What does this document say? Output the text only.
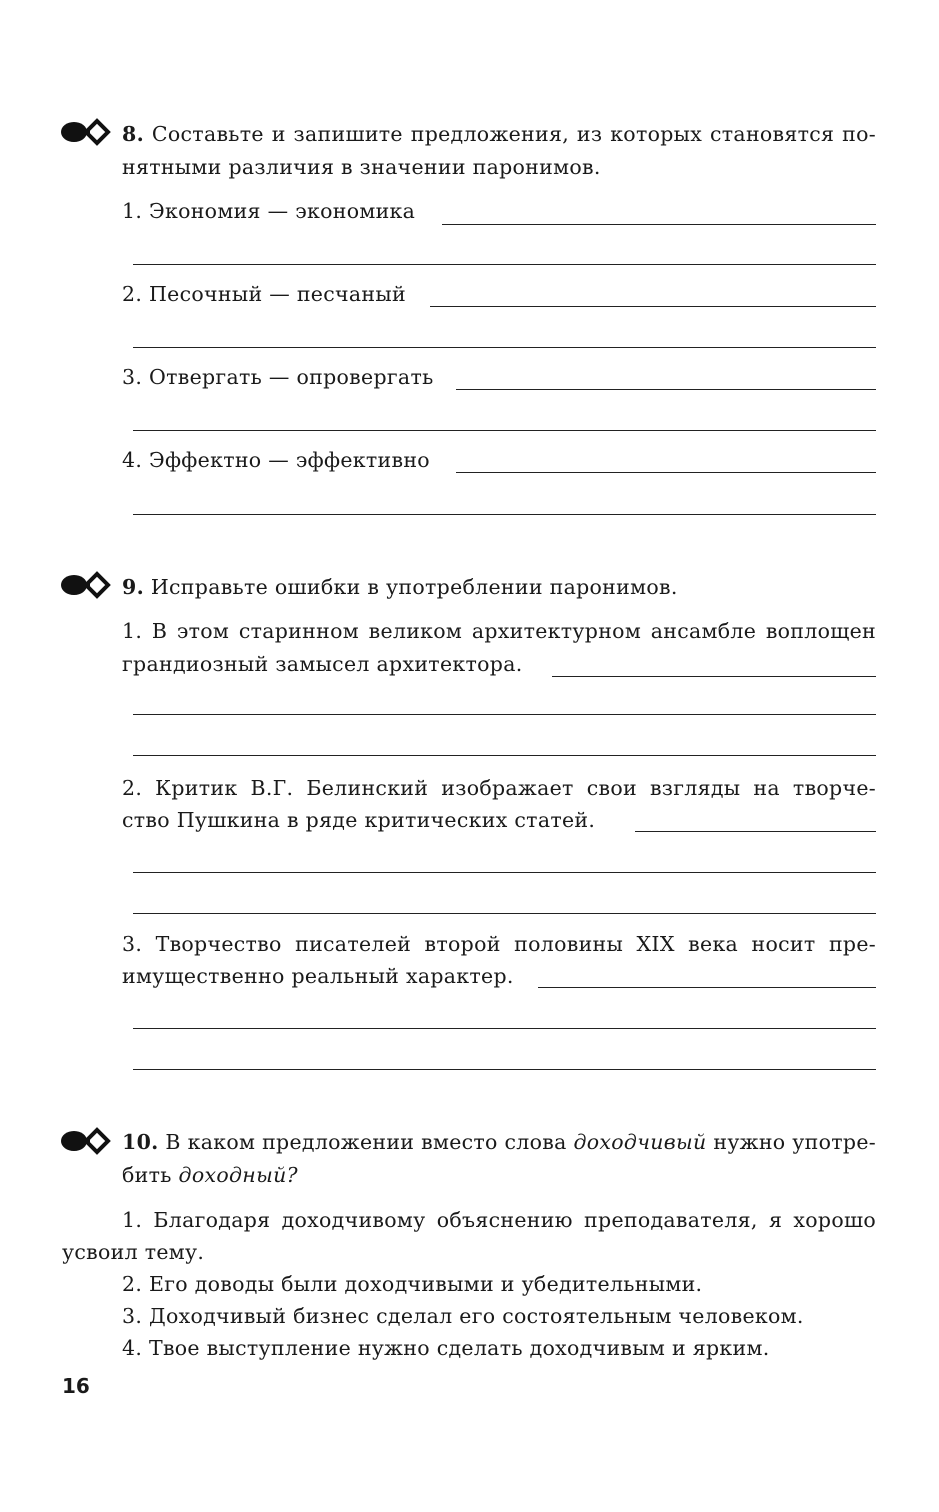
8. Составьте и запишите предложения, из которых становятся по-
нятными различия в значении паронимов.
1. Экономия — экономика
2. Песочный — песчаный
3. Отвергать — опровергать
4. Эффектно — эффективно
9. Исправьте ошибки в употреблении паронимов.
1. В этом старинном великом архитектурном ансамбле воплощен
грандиозный замысел архитектора.
2. Критик В.Г. Белинский изображает свои взгляды на творче-
ство Пушкина в ряде критических статей.
3. Творчество писателей второй половины XIX века носит пре-
имущественно реальный характер.
10. В каком предложении вместо слова доходчивый нужно употре-
бить доходный?
1. Благодаря доходчивому объяснению преподавателя, я хорошо
усвоил тему.
2. Его доводы были доходчивыми и убедительными.
3. Доходчивый бизнес сделал его состоятельным человеком.
4. Твое выступление нужно сделать доходчивым и ярким.
16
